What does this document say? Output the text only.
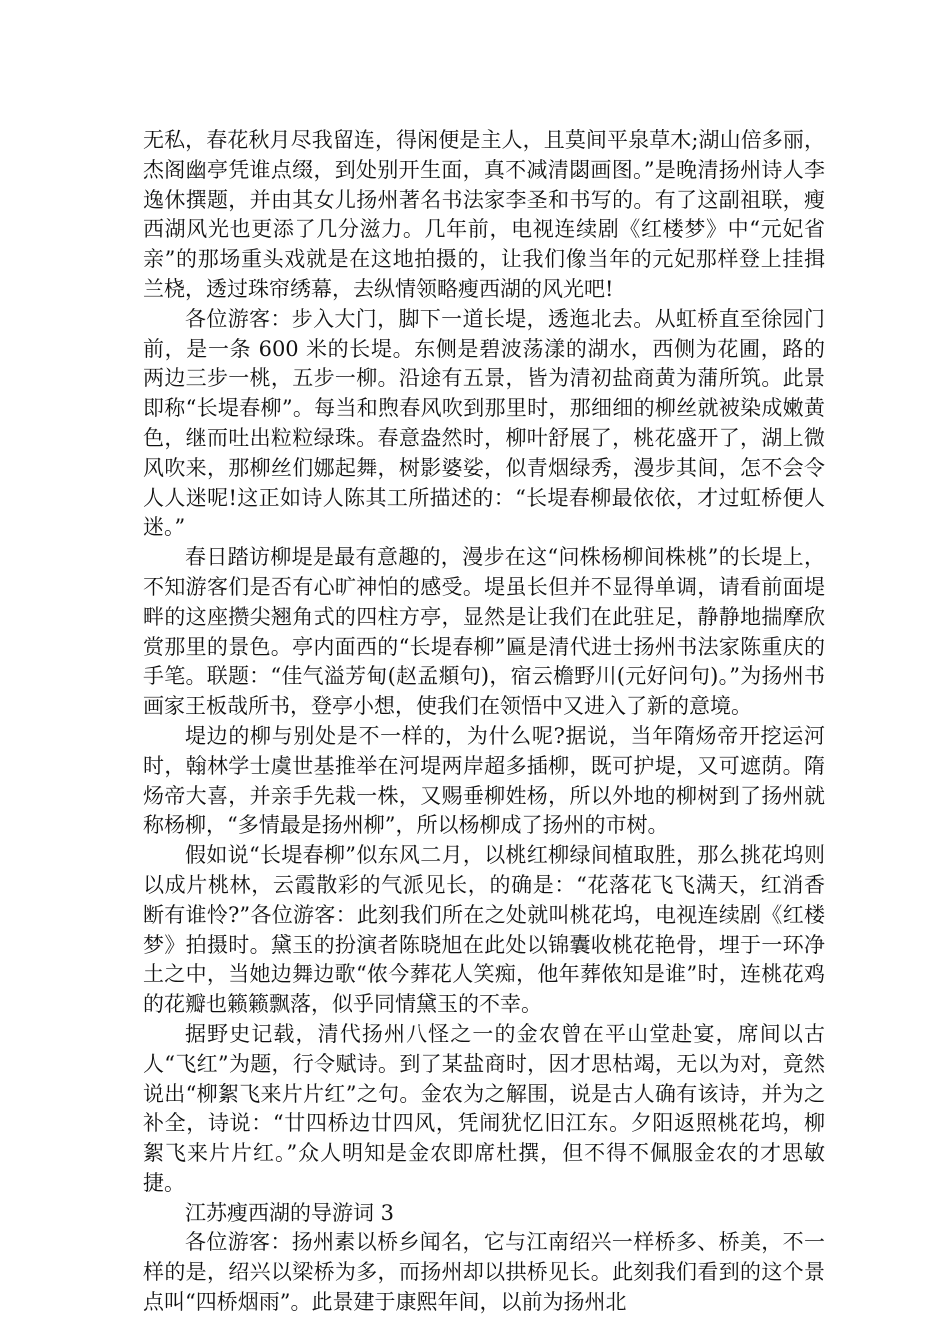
无私，春花秋月尽我留连，得闲便是主人，且莫间平泉草木;湖山倍多丽，杰阁幽亭凭谁点缀，到处别开生面，真不减清閟画图。”是晚清扬州诗人李逸休撰题，并由其女儿扬州著名书法家李圣和书写的。有了这副祖联，瘦西湖风光也更添了几分滋力。几年前，电视连续剧《红楼梦》中“元妃省亲”的那场重头戏就是在这地拍摄的，让我们像当年的元妃那样登上挂揖兰桡，透过珠帘绣幕，去纵情领略瘦西湖的风光吧!

各位游客：步入大门，脚下一道长堤，透迤北去。从虹桥直至徐园门前，是一条 600 米的长堤。东侧是碧波荡漾的湖水，西侧为花圃，路的两边三步一桃，五步一柳。沿途有五景，皆为清初盐商黄为蒲所筑。此景即称“长堤春柳”。每当和煦春风吹到那里时，那细细的柳丝就被染成嫩黄色，继而吐出粒粒绿珠。春意盎然时，柳叶舒展了，桃花盛开了，湖上微风吹来，那柳丝们娜起舞，树影婆娑，似青烟绿秀，漫步其间，怎不会令人人迷呢!这正如诗人陈其工所描述的：“长堤春柳最依依，才过虹桥便人迷。”

春日踏访柳堤是最有意趣的，漫步在这“问株杨柳间株桃”的长堤上，不知游客们是否有心旷神怕的感受。堤虽长但并不显得单调，请看前面堤畔的这座攒尖翘角式的四柱方亭，显然是让我们在此驻足，静静地揣摩欣赏那里的景色。亭内面西的“长堤春柳”匾是清代进士扬州书法家陈重庆的手笔。联题：“佳气溢芳甸(赵孟頫句)，宿云檐野川(元好问句)。”为扬州书画家王板哉所书，登亭小想，使我们在领悟中又进入了新的意境。

堤边的柳与别处是不一样的，为什么呢?据说，当年隋炀帝开挖运河时，翰林学士虞世基推举在河堤两岸超多插柳，既可护堤，又可遮荫。隋炀帝大喜，并亲手先栽一株，又赐垂柳姓杨，所以外地的柳树到了扬州就称杨柳，“多情最是扬州柳”，所以杨柳成了扬州的市树。

假如说“长堤春柳”似东风二月，以桃红柳绿间植取胜，那么挑花坞则以成片桃林，云霞散彩的气派见长，的确是：“花落花飞飞满天，红消香断有谁怜?”各位游客：此刻我们所在之处就叫桃花坞，电视连续剧《红楼梦》拍摄时。黛玉的扮演者陈晓旭在此处以锦囊收桃花艳骨，埋于一环净土之中，当她边舞边歌“侬今葬花人笑痴，他年葬侬知是谁”时，连桃花鸡的花瓣也籁籁飘落，似乎同情黛玉的不幸。

据野史记载，清代扬州八怪之一的金农曾在平山堂赴宴，席间以古人“飞红”为题，行令赋诗。到了某盐商时，因才思枯竭，无以为对，竟然说出“柳絮飞来片片红”之句。金农为之解围，说是古人确有该诗，并为之补全，诗说：“廿四桥边廿四风，凭闹犹忆旧江东。夕阳返照桃花坞，柳絮飞来片片红。”众人明知是金农即席杜撰，但不得不佩服金农的才思敏捷。

江苏瘦西湖的导游词 3

各位游客：扬州素以桥乡闻名，它与江南绍兴一样桥多、桥美，不一样的是，绍兴以梁桥为多，而扬州却以拱桥见长。此刻我们看到的这个景点叫“四桥烟雨”。此景建于康熙年间，以前为扬州北
